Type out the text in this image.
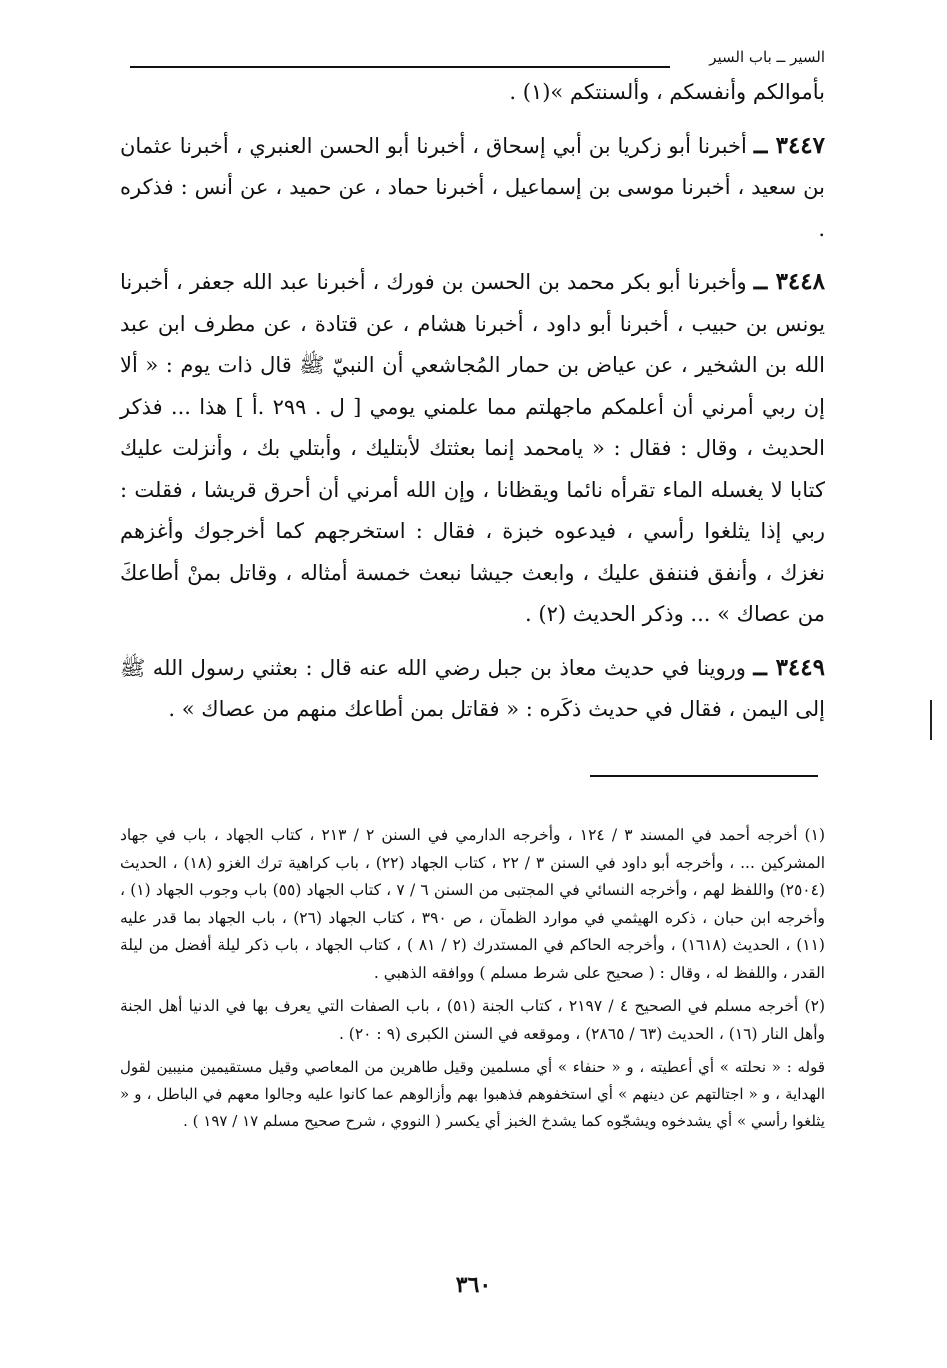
السير ــ باب السير

بأموالكم وأنفسكم ، وألسنتكم »(١) .

٣٤٤٧ ــ أخبرنا أبو زكريا بن أبي إسحاق ، أخبرنا أبو الحسن العنبري ، أخبرنا عثمان بن سعيد ، أخبرنا موسى بن إسماعيل ، أخبرنا حماد ، عن حميد ، عن أنس : فذكره .

٣٤٤٨ ــ وأخبرنا أبو بكر محمد بن الحسن بن فورك ، أخبرنا عبد الله جعفر ، أخبرنا يونس بن حبيب ، أخبرنا أبو داود ، أخبرنا هشام ، عن قتادة ، عن مطرف ابن عبد الله بن الشخير ، عن عياض بن حمار المُجاشعي أن النبيّ ﷺ قال ذات يوم : « ألا إن ربي أمرني أن أعلمكم ماجهلتم مما علمني يومي [ ل . ٢٩٩ .أ ] هذا ... فذكر الحديث ، وقال : فقال : « يامحمد إنما بعثتك لأبتليك ، وأبتلي بك ، وأنزلت عليك كتابا لا يغسله الماء تقرأه نائما ويقظانا ، وإن الله أمرني أن أحرق قريشا ، فقلت : ربي إذا يثلغوا رأسي ، فيدعوه خبزة ، فقال : استخرجهم كما أخرجوك وأغزهم نغزك ، وأنفق فننفق عليك ، وابعث جيشا نبعث خمسة أمثاله ، وقاتل بمنْ أطاعكَ من عصاك » ... وذكر الحديث (٢) .

٣٤٤٩ ــ وروينا في حديث معاذ بن جبل رضي الله عنه قال : بعثني رسول الله ﷺ إلى اليمن ، فقال في حديث ذكَره : « فقاتل بمن أطاعك منهم من عصاك » .

(١) أخرجه أحمد في المسند ٣ / ١٢٤ ، وأخرجه الدارمي في السنن ٢ / ٢١٣ ، كتاب الجهاد ، باب في جهاد المشركين ... ، وأخرجه أبو داود في السنن ٣ / ٢٢ ، كتاب الجهاد (٢٢) ، باب كراهية ترك الغزو (١٨) ، الحديث (٢٥٠٤) واللفظ لهم ، وأخرجه النسائي في المجتبى من السنن ٦ / ٧ ، كتاب الجهاد (٥٥) باب وجوب الجهاد (١) ، وأخرجه ابن حبان ، ذكره الهيثمي في موارد الظمآن ، ص ٣٩٠ ، كتاب الجهاد (٢٦) ، باب الجهاد بما قدر عليه (١١) ، الحديث (١٦١٨) ، وأخرجه الحاكم في المستدرك (٢ / ٨١ ) ، كتاب الجهاد ، باب ذكر ليلة أفضل من ليلة القدر ، واللفظ له ، وقال : ( صحيح على شرط مسلم ) ووافقه الذهبي .

(٢) أخرجه مسلم في الصحيح ٤ / ٢١٩٧ ، كتاب الجنة (٥١) ، باب الصفات التي يعرف بها في الدنيا أهل الجنة وأهل النار (١٦) ، الحديث (٦٣ / ٢٨٦٥) ، وموقعه في السنن الكبرى (٩ : ٢٠) .

قوله : « نحلته » أي أعطيته ، و « حنفاء » أي مسلمين وقيل طاهرين من المعاصي وقيل مستقيمين منيبين لقول الهداية ، و « اجتالتهم عن دينهم » أي استخفوهم فذهبوا بهم وأزالوهم عما كانوا عليه وجالوا معهم في الباطل ، و « يثلغوا رأسي » أي يشدخوه ويشجّوه كما يشدخ الخبز أي يكسر ( النووي ، شرح صحيح مسلم ١٧ / ١٩٧ ) .

٣٦٠
